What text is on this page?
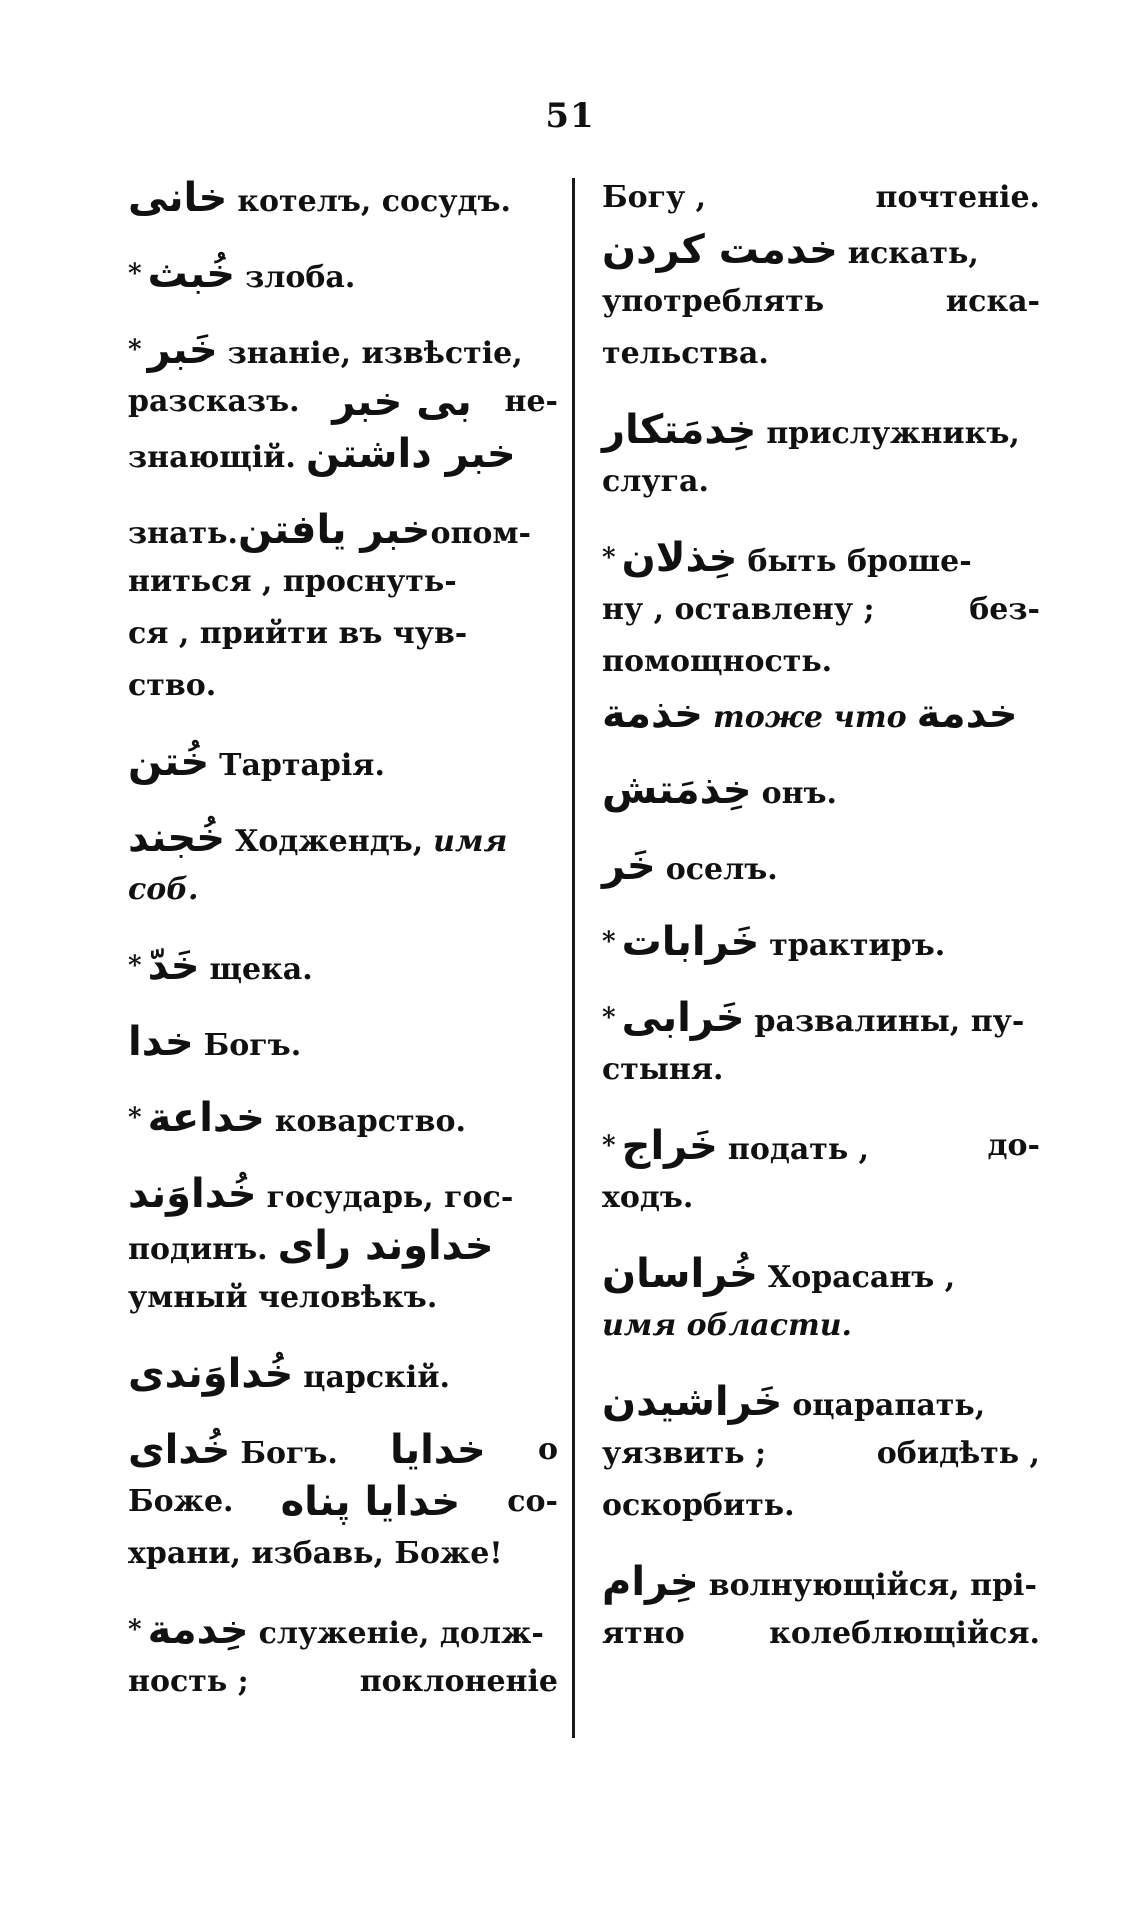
51
خانی котелъ, сосудъ.
* خُبث злоба.
* خَبر знаніе, извѣстіе,
разсказъ. بی خبر не-
знающій. خبر داشتن
знать.خبر یافتنопом-
ниться , проснуть-
ся , прийти въ чув-
ство.
خُتن Тартарія.
خُجند Ходжендъ, имя
соб.
* خَدّ щека.
خدا Богъ.
* خداعة коварство.
خُداوَند государь, гос-
подинъ. خداوند رای
умный человѣкъ.
خُداوَندی царскій.
خُدای Богъ. خدایا о
Боже. خدایا پناه со-
храни, избавь, Боже!
* خِدمة служеніе, долж-
ность ;	поклоненіе
Богу ,	почтеніе.
خدمت کردن искать,
употреблять	иска-
тельства.
خِدمَتکار прислужникъ,
слуга.
* خِذلان быть броше-
ну , оставлену ;	без-
помощность.
خذمة тоже что خدمة
خِذمَتش онъ.
خَر оселъ.
* خَرابات трактиръ.
* خَرابی развалины, пу-
стыня.
* خَراج подать ,	до-
ходъ.
خُراسان Хорасанъ ,
имя области.
خَراشیدن оцарапать,
уязвить ;	обидѣть ,
оскорбить.
خِرام волнующійся, прі-
ятно	колеблющійся.
